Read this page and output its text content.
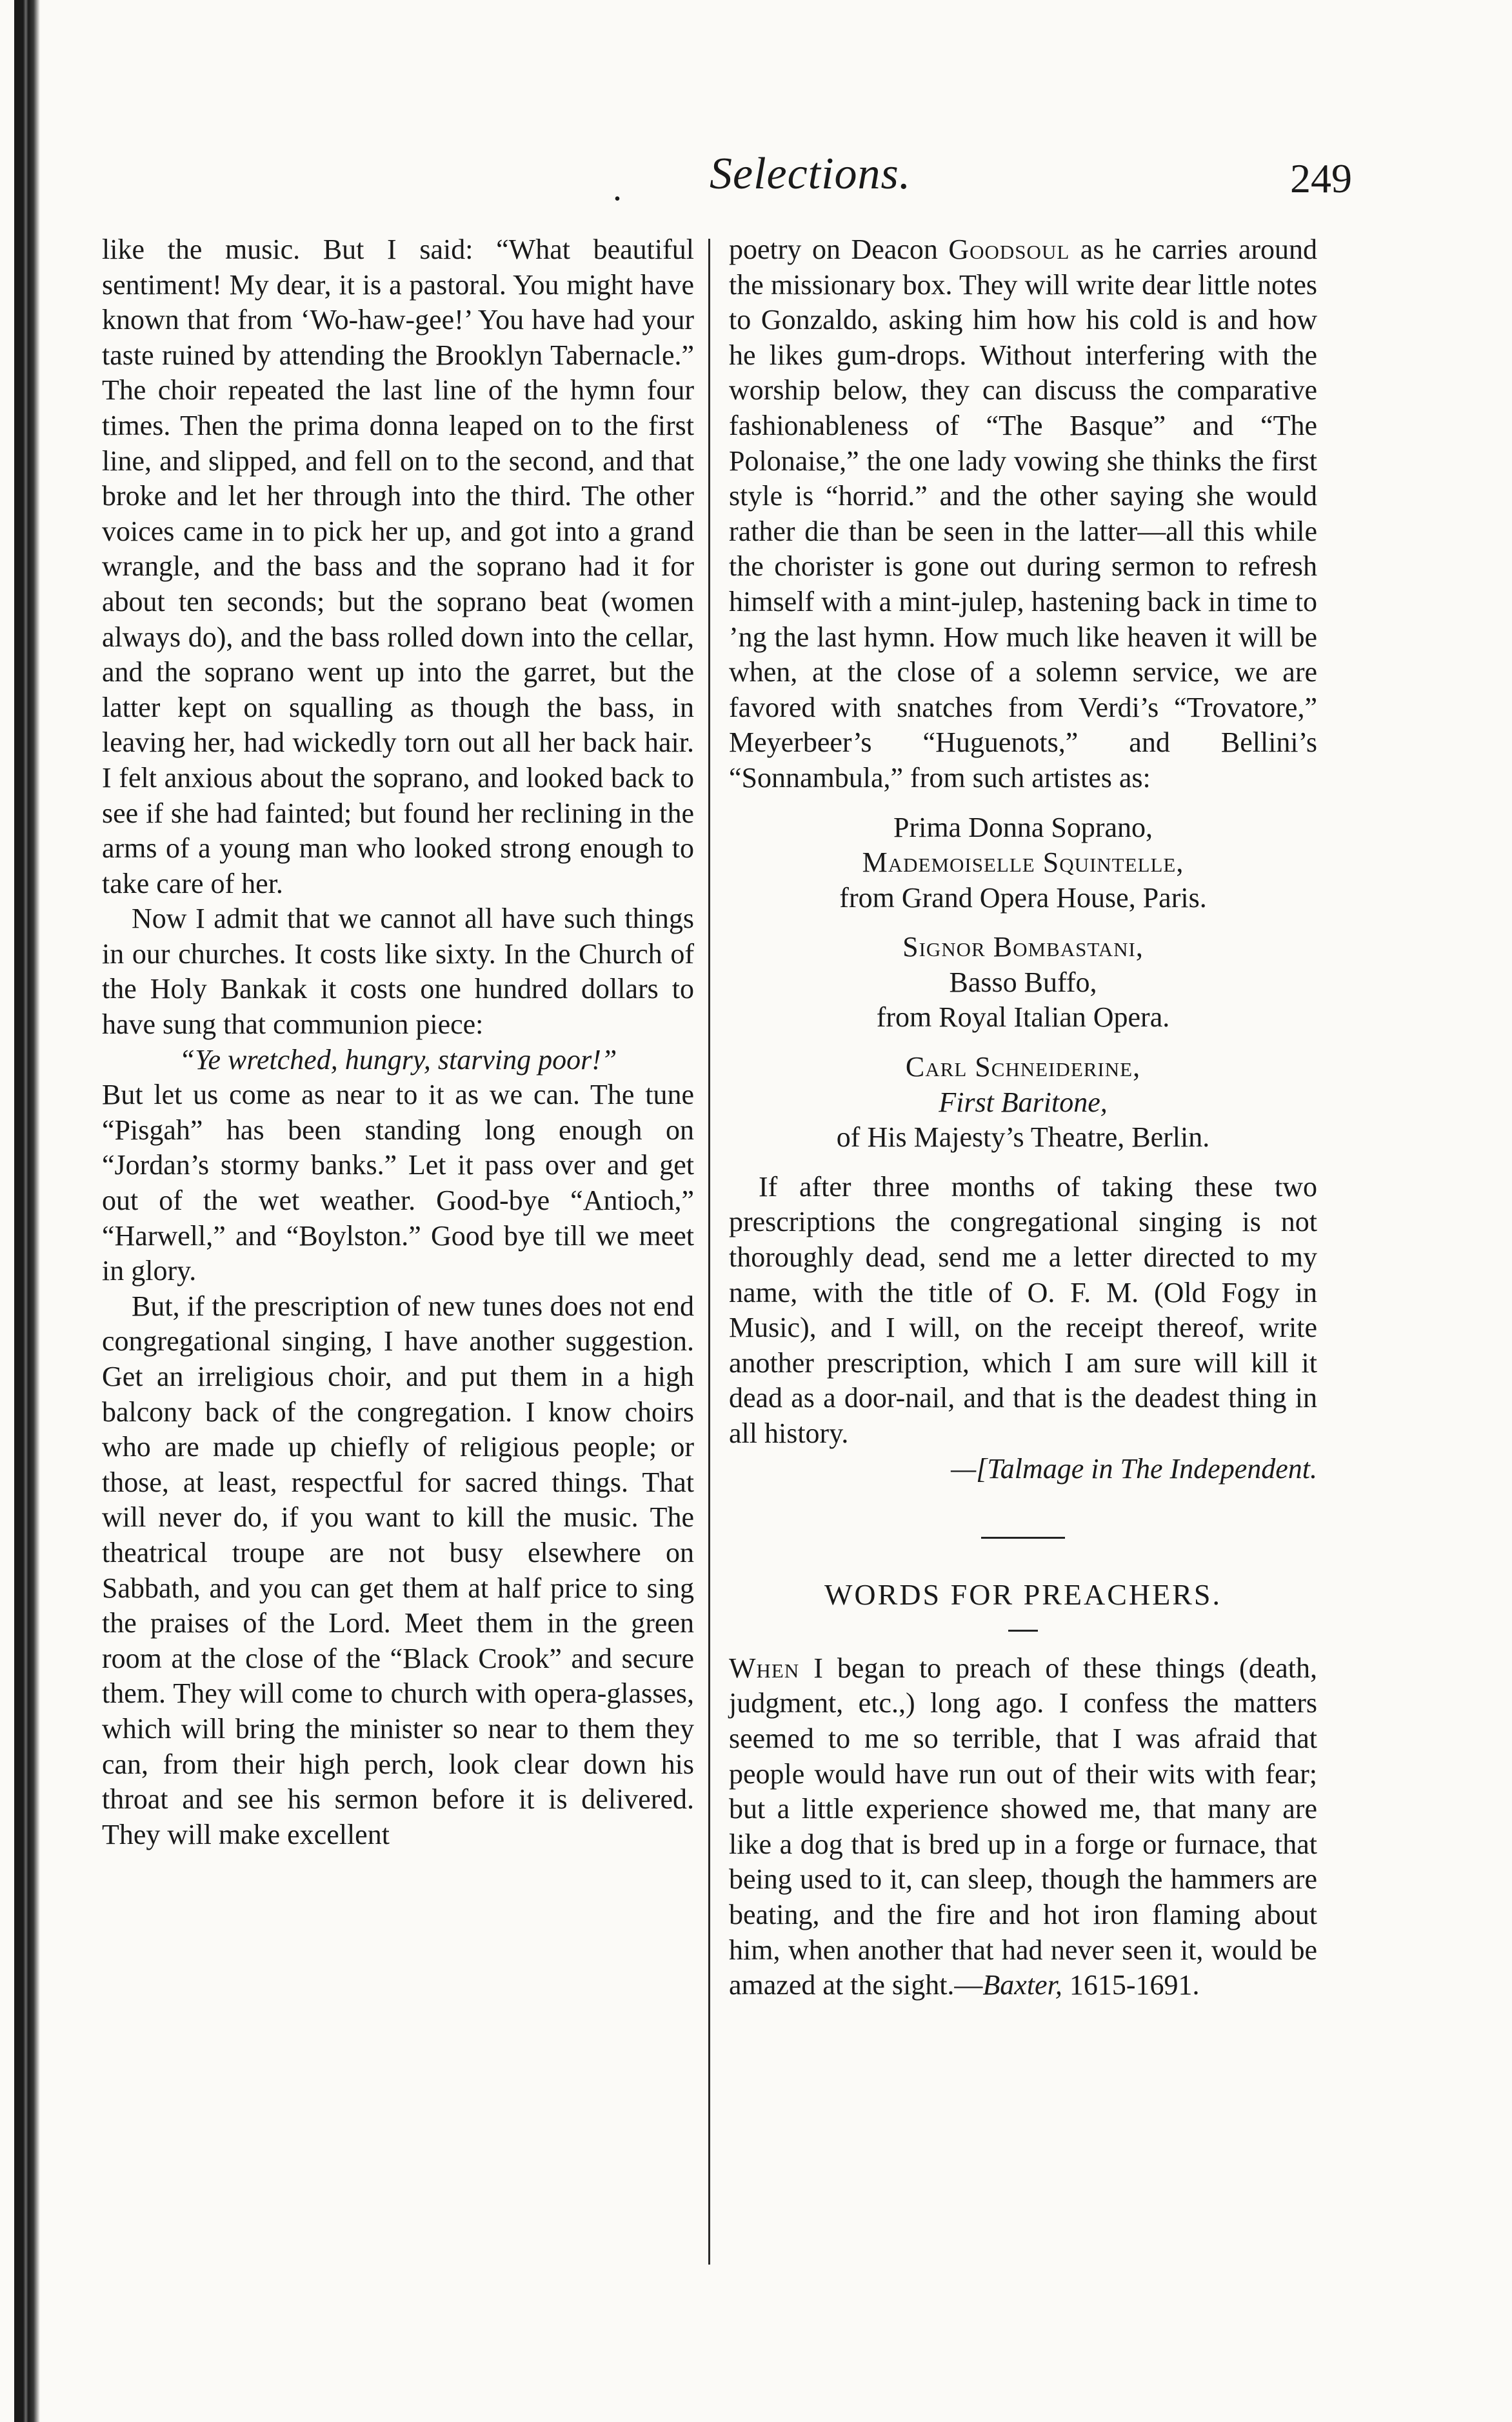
. Selections.	249

like the music. But I said: “What beautiful sentiment! My dear, it is a pastoral. You might have known that from ‘Wo-haw-gee!’ You have had your taste ruined by attending the Brooklyn Tabernacle.” The choir repeated the last line of the hymn four times. Then the prima donna leaped on to the first line, and slipped, and fell on to the second, and that broke and let her through into the third. The other voices came in to pick her up, and got into a grand wrangle, and the bass and the soprano had it for about ten seconds; but the soprano beat (women always do), and the bass rolled down into the cellar, and the soprano went up into the garret, but the latter kept on squalling as though the bass, in leaving her, had wickedly torn out all her back hair. I felt anxious about the soprano, and looked back to see if she had fainted; but found her reclining in the arms of a young man who looked strong enough to take care of her.

Now I admit that we cannot all have such things in our churches. It costs like sixty. In the Church of the Holy Bankak it costs one hundred dollars to have sung that communion piece:

“Ye wretched, hungry, starving poor!”

But let us come as near to it as we can. The tune “Pisgah” has been standing long enough on “Jordan’s stormy banks.” Let it pass over and get out of the wet weather. Good-bye “Antioch,” “Harwell,” and “Boylston.” Good bye till we meet in glory.

But, if the prescription of new tunes does not end congregational singing, I have another suggestion. Get an irreligious choir, and put them in a high balcony back of the congregation. I know choirs who are made up chiefly of religious people; or those, at least, respectful for sacred things. That will never do, if you want to kill the music. The theatrical troupe are not busy elsewhere on Sabbath, and you can get them at half price to sing the praises of the Lord. Meet them in the green room at the close of the “Black Crook” and secure them. They will come to church with opera-glasses, which will bring the minister so near to them they can, from their high perch, look clear down his throat and see his sermon before it is delivered. They will make excellent

poetry on Deacon Goodsoul as he carries around the missionary box. They will write dear little notes to Gonzaldo, asking him how his cold is and how he likes gum-drops. Without interfering with the worship below, they can discuss the comparative fashionableness of “The Basque” and “The Polonaise,” the one lady vowing she thinks the first style is “horrid.” and the other saying she would rather die than be seen in the latter—all this while the chorister is gone out during sermon to refresh himself with a mint-julep, hastening back in time to ’ng the last hymn. How much like heaven it will be when, at the close of a solemn service, we are favored with snatches from Verdi’s “Trovatore,” Meyerbeer’s “Huguenots,” and Bellini’s “Sonnambula,” from such artistes as:

Prima Donna Soprano,
Mademoiselle Squintelle,
from Grand Opera House, Paris.
Signor Bombastani,
Basso Buffo,
from Royal Italian Opera.
Carl Schneiderine,
First Baritone,
of His Majesty’s Theatre, Berlin.

If after three months of taking these two prescriptions the congregational singing is not thoroughly dead, send me a letter directed to my name, with the title of O. F. M. (Old Fogy in Music), and I will, on the receipt thereof, write another prescription, which I am sure will kill it dead as a door-nail, and that is the deadest thing in all history.

—[Talmage in The Independent.

WORDS FOR PREACHERS.

When I began to preach of these things (death, judgment, etc.,) long ago. I confess the matters seemed to me so terrible, that I was afraid that people would have run out of their wits with fear; but a little experience showed me, that many are like a dog that is bred up in a forge or furnace, that being used to it, can sleep, though the hammers are beating, and the fire and hot iron flaming about him, when another that had never seen it, would be amazed at the sight.—Baxter, 1615-1691.
